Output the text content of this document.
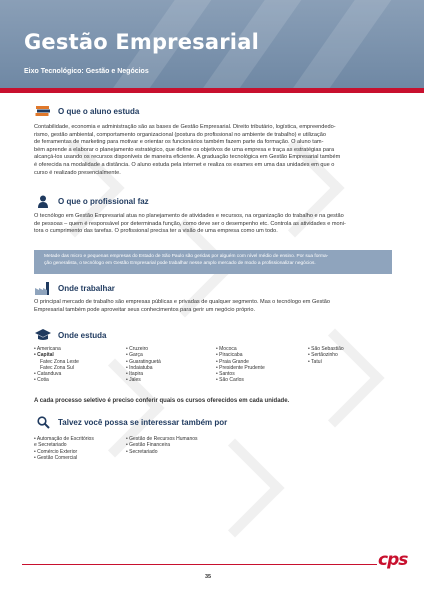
Gestão Empresarial
Eixo Tecnológico: Gestão e Negócios
O que o aluno estuda
Contabilidade, economia e administração são as bases de Gestão Empresarial. Direito tributário, logística, empreendedo-
rismo, gestão ambiental, comportamento organizacional (postura do profissional no ambiente de trabalho) e utilização
de ferramentas de marketing para motivar e orientar os funcionários também fazem parte da formação. O aluno tam-
bém aprende a elaborar o planejamento estratégico, que define os objetivos de uma empresa e traça as estratégias para
alcançá-los usando os recursos disponíveis de maneira eficiente. A graduação tecnológica em Gestão Empresarial também
é oferecida na modalidade a distância. O aluno estuda pela internet e realiza os exames em uma das unidades em que o
curso é realizado presencialmente.
O que o profissional faz
O tecnólogo em Gestão Empresarial atua no planejamento de atividades e recursos, na organização do trabalho e na gestão
de pessoas – quem é responsável por determinada função, como deve ser o desempenho etc. Controla as atividades e moni-
tora o cumprimento das tarefas. O profissional precisa ter a visão de uma empresa como um todo.
Metade das micro e pequenas empresas do Estado de São Paulo são geridas por alguém com nível médio de ensino. Por sua forma-
ção generalista, o tecnólogo em Gestão Empresarial pode trabalhar nesse amplo mercado de modo a profissionalizar negócios.
Onde trabalhar
O principal mercado de trabalho são empresas públicas e privadas de qualquer segmento. Mas o tecnólogo em Gestão
Empresarial também pode aproveitar seus conhecimentos para gerir um negócio próprio.
Onde estuda
• Americana
• Capital
Fatec Zona Leste
Fatec Zona Sul
• Catanduva
• Cotia
• Cruzeiro
• Garça
• Guaratinguetá
• Indaiatuba
• Itapira
• Jales
• Mococa
• Piracicaba
• Praia Grande
• Presidente Prudente
• Santos
• São Carlos
• São Sebastião
• Sertãozinho
• Tatuí
A cada processo seletivo é preciso conferir quais os cursos oferecidos em cada unidade.
Talvez você possa se interessar também por
• Automação de Escritórios
e Secretariado
• Comércio Exterior
• Gestão Comercial
• Gestão de Recursos Humanos
• Gestão Financeira
• Secretariado
35
cps
